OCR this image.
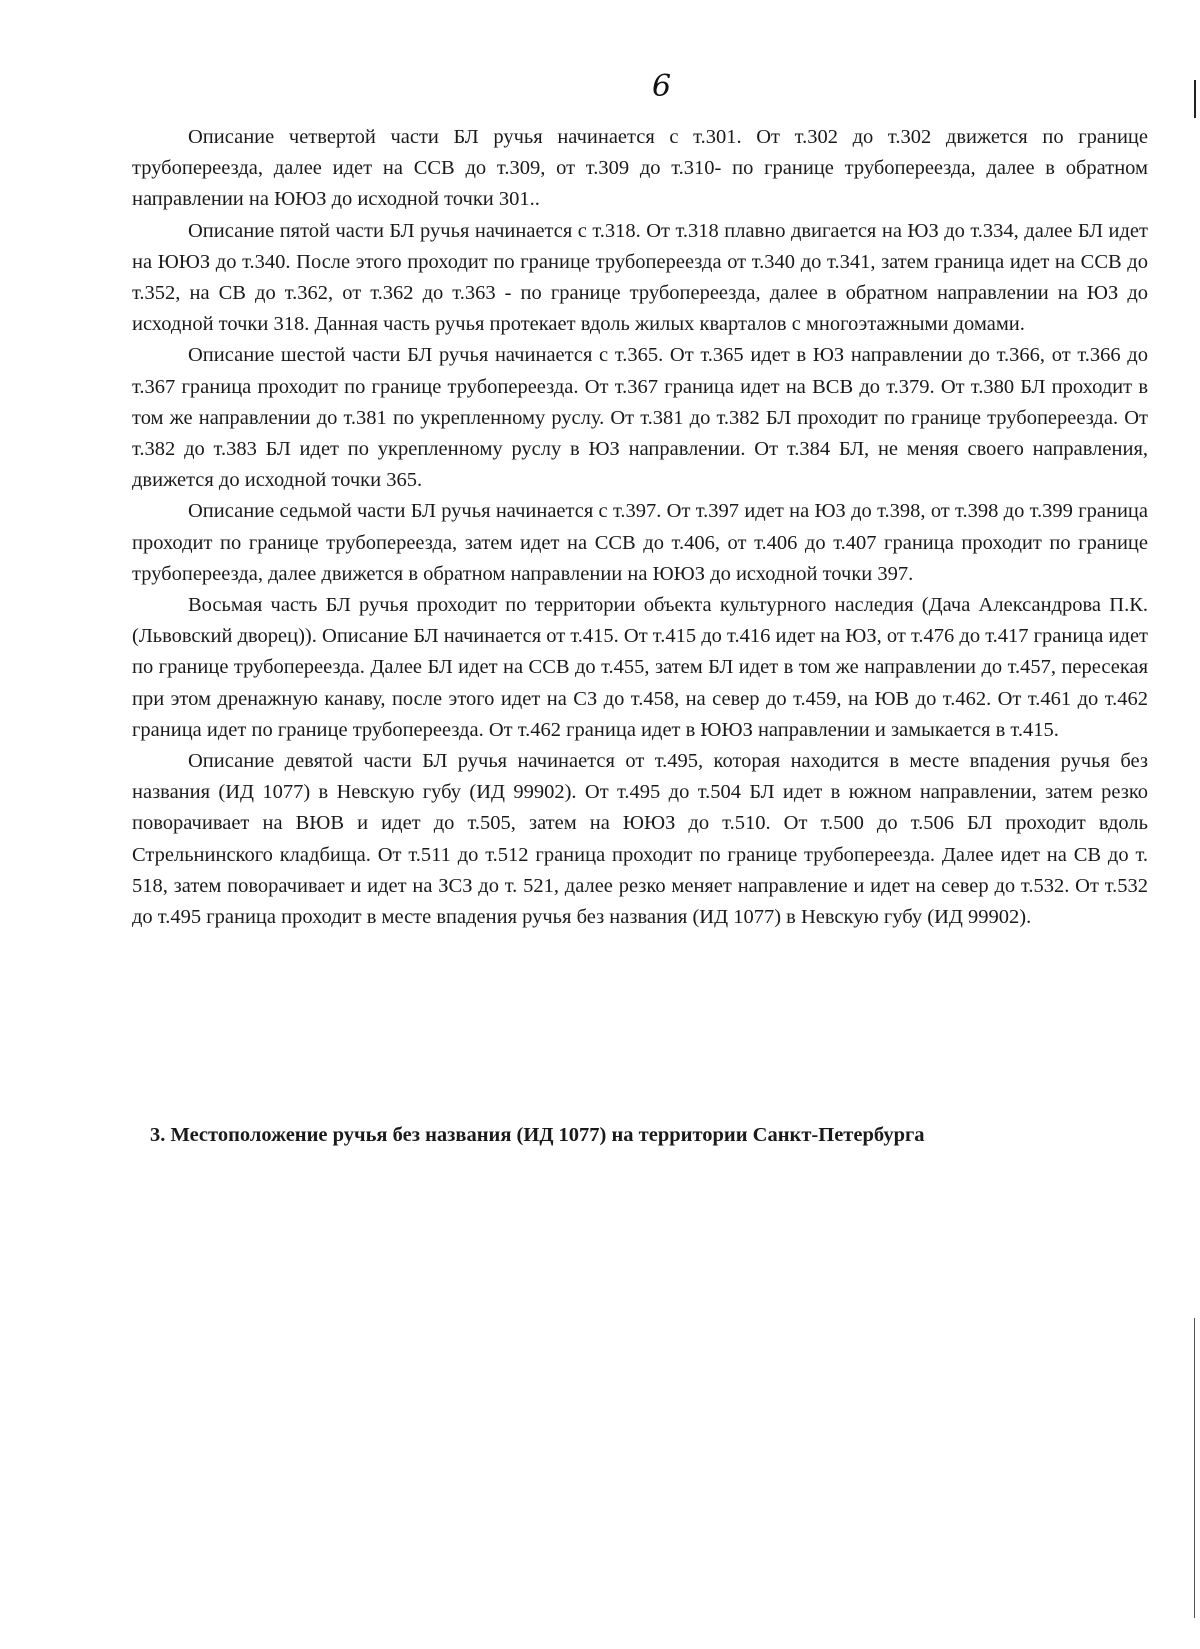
6

Описание четвертой части БЛ ручья начинается с т.301. От т.302 до т.302 движется по границе трубопереезда, далее идет на ССВ до т.309, от т.309 до т.310- по границе трубопереезда, далее в обратном направлении на ЮЮЗ до исходной точки 301..

Описание пятой части БЛ ручья начинается с т.318. От т.318 плавно двигается на ЮЗ до т.334, далее БЛ идет на ЮЮЗ до т.340. После этого проходит по границе трубопереезда от т.340 до т.341, затем граница идет на ССВ до т.352, на СВ до т.362, от т.362 до т.363 - по границе трубопереезда, далее в обратном направлении на ЮЗ до исходной точки 318. Данная часть ручья протекает вдоль жилых кварталов с многоэтажными домами.

Описание шестой части БЛ ручья начинается с т.365. От т.365 идет в ЮЗ направлении до т.366, от т.366 до т.367 граница проходит по границе трубопереезда. От т.367 граница идет на ВСВ до т.379. От т.380 БЛ проходит в том же направлении до т.381 по укрепленному руслу. От т.381 до т.382 БЛ проходит по границе трубопереезда. От т.382 до т.383 БЛ идет по укрепленному руслу в ЮЗ направлении. От т.384 БЛ, не меняя своего направления, движется до исходной точки 365.

Описание седьмой части БЛ ручья начинается с т.397. От т.397 идет на ЮЗ до т.398, от т.398 до т.399 граница проходит по границе трубопереезда, затем идет на ССВ до т.406, от т.406 до т.407 граница проходит по границе трубопереезда, далее движется в обратном направлении на ЮЮЗ до исходной точки 397.

Восьмая часть БЛ ручья проходит по территории объекта культурного наследия (Дача Александрова П.К. (Львовский дворец)). Описание БЛ начинается от т.415. От т.415 до т.416 идет на ЮЗ, от т.476 до т.417 граница идет по границе трубопереезда. Далее БЛ идет на ССВ до т.455, затем БЛ идет в том же направлении до т.457, пересекая при этом дренажную канаву, после этого идет на СЗ до т.458, на север до т.459, на ЮВ до т.462. От т.461 до т.462 граница идет по границе трубопереезда. От т.462 граница идет в ЮЮЗ направлении и замыкается в т.415.

Описание девятой части БЛ ручья начинается от т.495, которая находится в месте впадения ручья без названия (ИД 1077) в Невскую губу (ИД 99902). От т.495 до т.504 БЛ идет в южном направлении, затем резко поворачивает на ВЮВ и идет до т.505, затем на ЮЮЗ до т.510. От т.500 до т.506 БЛ проходит вдоль Стрельнинского кладбища. От т.511 до т.512 граница проходит по границе трубопереезда. Далее идет на СВ до т. 518, затем поворачивает и идет на ЗСЗ до т. 521, далее резко меняет направление и идет на север до т.532. От т.532 до т.495 граница проходит в месте впадения ручья без названия (ИД 1077) в Невскую губу (ИД 99902).

3. Местоположение ручья без названия (ИД 1077) на территории Санкт-Петербурга
